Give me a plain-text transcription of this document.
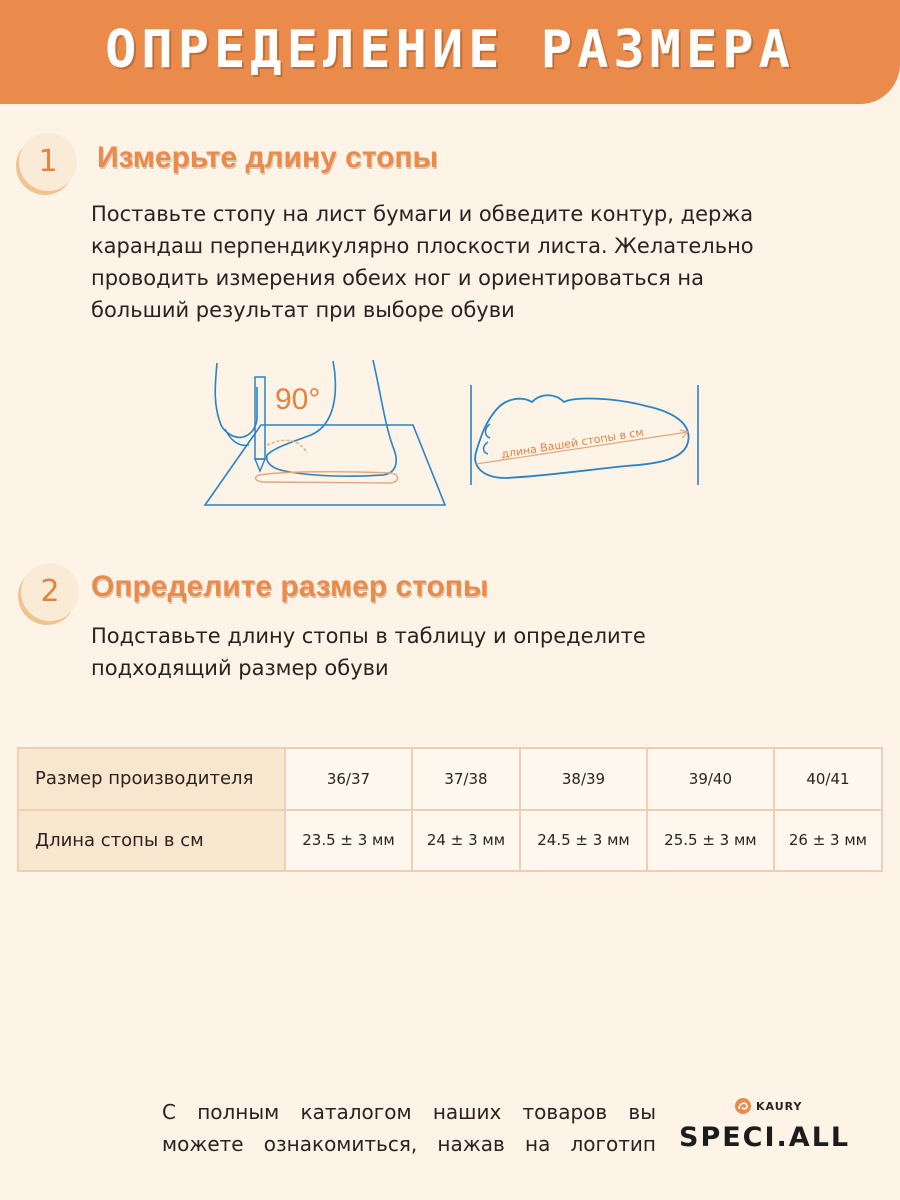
ОПРЕДЕЛЕНИЕ РАЗМЕРА
1	Измерьте длину стопы
Поставьте стопу на лист бумаги и обведите контур, держа
карандаш перпендикулярно плоскости листа. Желательно
проводить измерения обеих ног и ориентироваться на
больший результат при выборе обуви
90°
длина Вашей стопы в см
2	Определите размер стопы
Подставьте длину стопы в таблицу и определите
подходящий размер обуви
Размер производителя	36/37	37/38	38/39	39/40	40/41
Длина стопы в см	23.5 ± 3 мм	24 ± 3 мм	24.5 ± 3 мм	25.5 ± 3 мм	26 ± 3 мм
С полным каталогом наших товаров вы можете ознакомиться, нажав на логотип
KAURY
SPECI.ALL
